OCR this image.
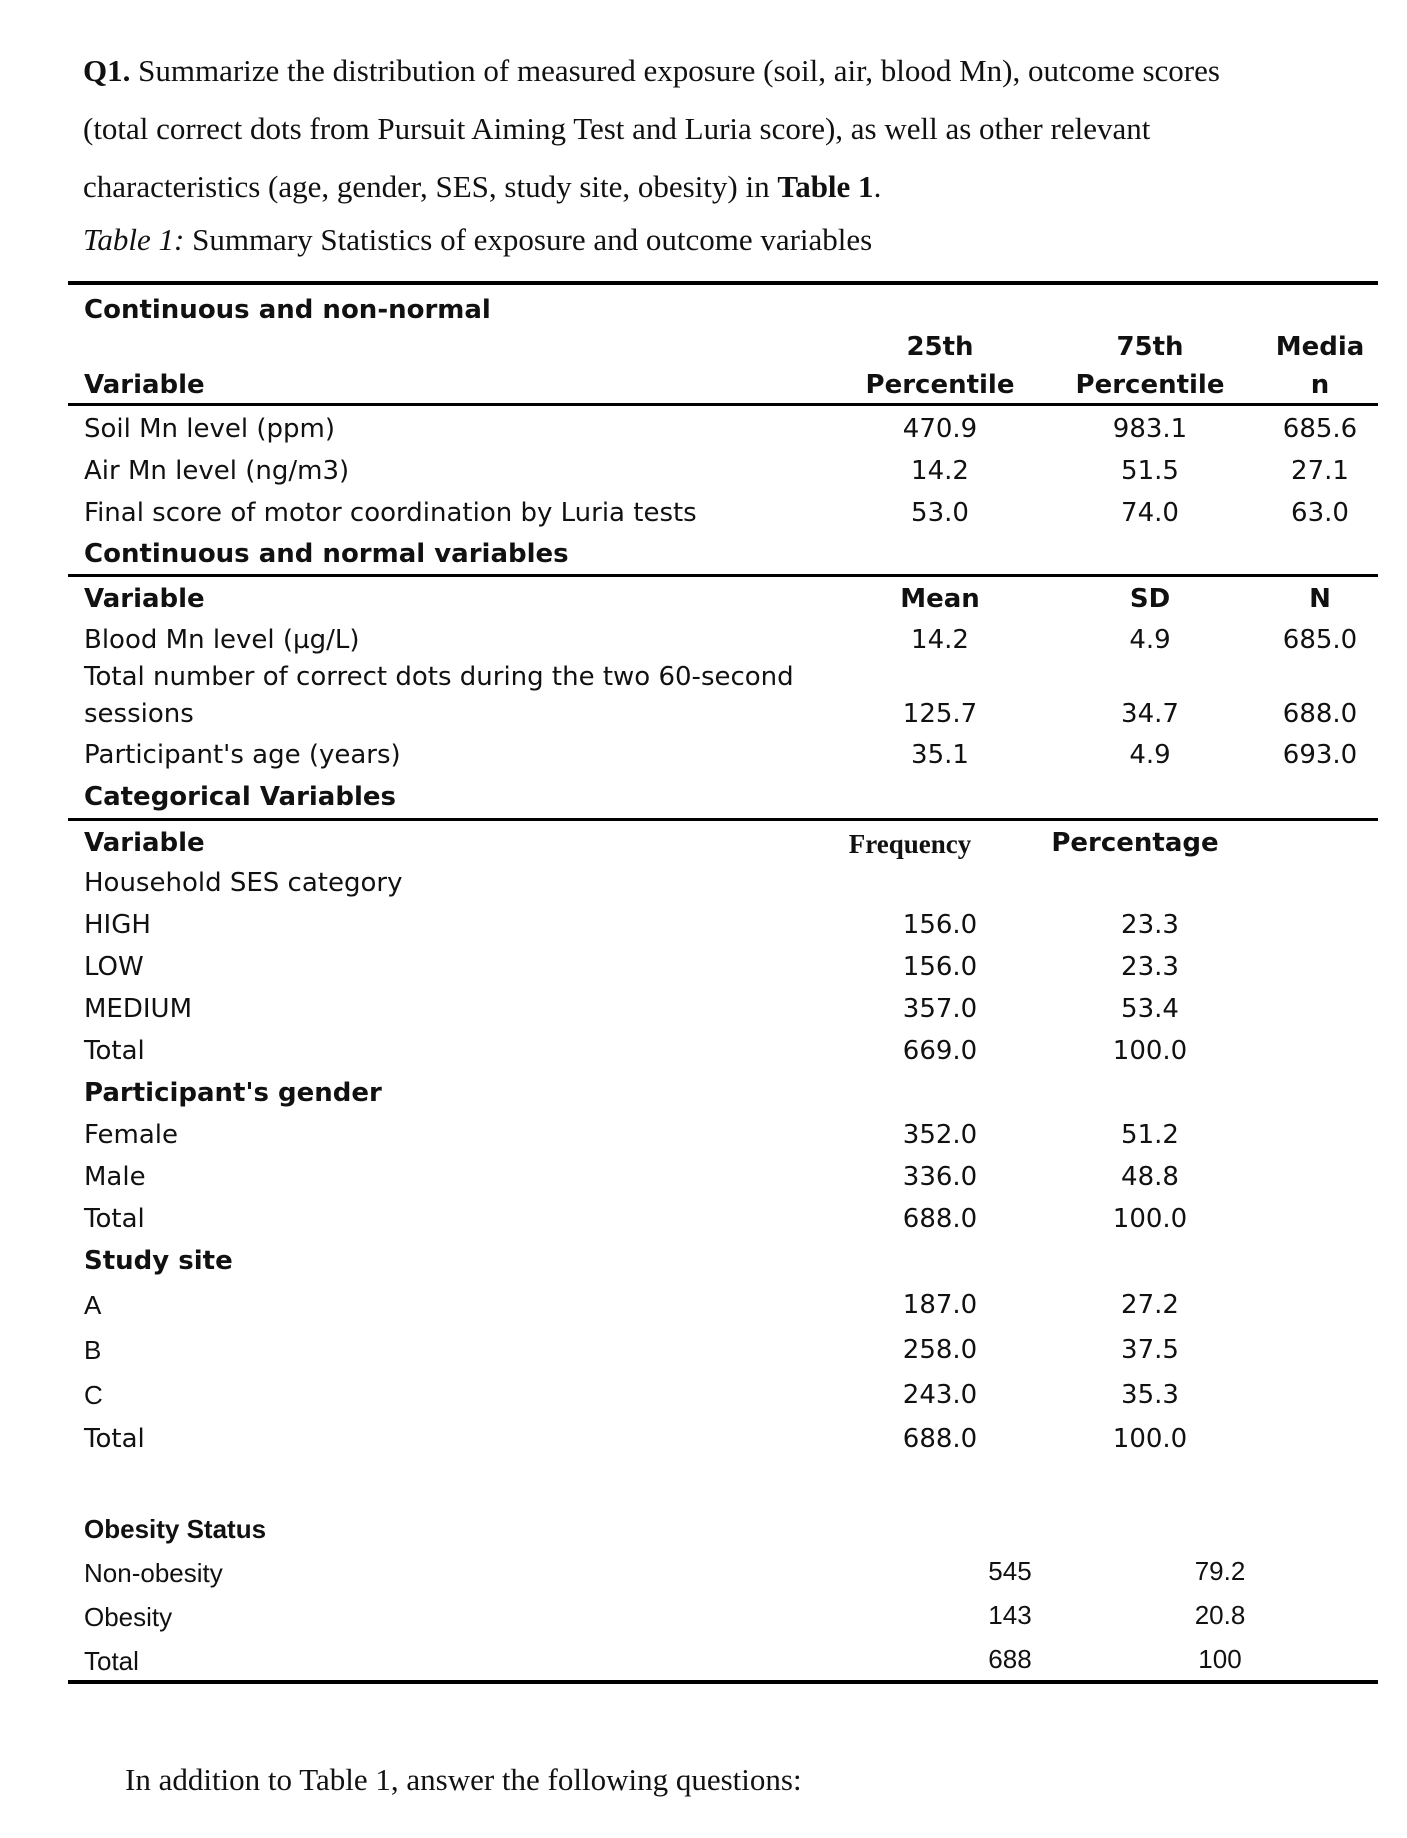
Q1. Summarize the distribution of measured exposure (soil, air, blood Mn), outcome scores (total correct dots from Pursuit Aiming Test and Luria score), as well as other relevant characteristics (age, gender, SES, study site, obesity) in Table 1.

Table 1: Summary Statistics of exposure and outcome variables

Continuous and non-normal
25th	75th	Media
Variable	Percentile	Percentile	n
Soil Mn level (ppm)	470.9	983.1	685.6
Air Mn level (ng/m3)	14.2	51.5	27.1
Final score of motor coordination by Luria tests	53.0	74.0	63.0
Continuous and normal variables
Variable	Mean	SD	N
Blood Mn level (µg/L)	14.2	4.9	685.0
Total number of correct dots during the two 60-second
sessions	125.7	34.7	688.0
Participant's age (years)	35.1	4.9	693.0
Categorical Variables
Variable	Frequency	Percentage
Household SES category
HIGH	156.0	23.3
LOW	156.0	23.3
MEDIUM	357.0	53.4
Total	669.0	100.0
Participant's gender
Female	352.0	51.2
Male	336.0	48.8
Total	688.0	100.0
Study site
A	187.0	27.2
B	258.0	37.5
C	243.0	35.3
Total	688.0	100.0
Obesity Status
Non-obesity	545	79.2
Obesity	143	20.8
Total	688	100

In addition to Table 1, answer the following questions:
